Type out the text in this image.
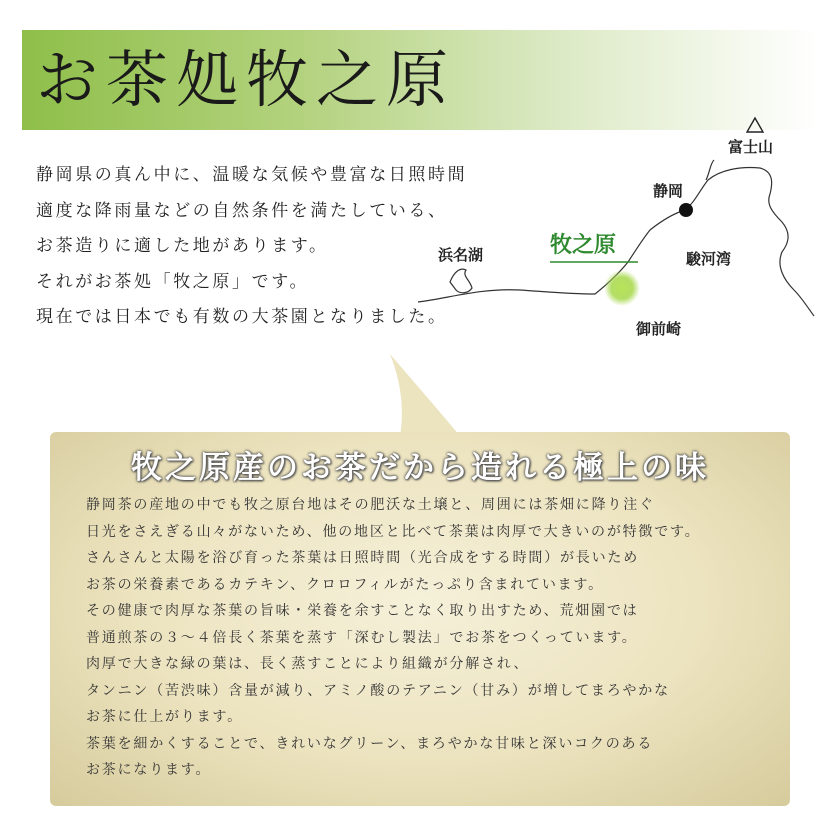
お茶処牧之原
静岡県の真ん中に、温暖な気候や豊富な日照時間
適度な降雨量などの自然条件を満たしている、
お茶造りに適した地があります。
それがお茶処「牧之原」です。
現在では日本でも有数の大茶園となりました。
富士山
静岡
牧之原
浜名湖	駿河湾
御前崎
牧之原産のお茶だから造れる極上の味
静岡茶の産地の中でも牧之原台地はその肥沃な土壌と、周囲には茶畑に降り注ぐ
日光をさえぎる山々がないため、他の地区と比べて茶葉は肉厚で大きいのが特徴です。
さんさんと太陽を浴び育った茶葉は日照時間（光合成をする時間）が長いため
お茶の栄養素であるカテキン、クロロフィルがたっぷり含まれています。
その健康で肉厚な茶葉の旨味・栄養を余すことなく取り出すため、荒畑園では
普通煎茶の３～４倍長く茶葉を蒸す「深むし製法」でお茶をつくっています。
肉厚で大きな緑の葉は、長く蒸すことにより組織が分解され、
タンニン（苦渋味）含量が減り、アミノ酸のテアニン（甘み）が増してまろやかな
お茶に仕上がります。
茶葉を細かくすることで、きれいなグリーン、まろやかな甘味と深いコクのある
お茶になります。
